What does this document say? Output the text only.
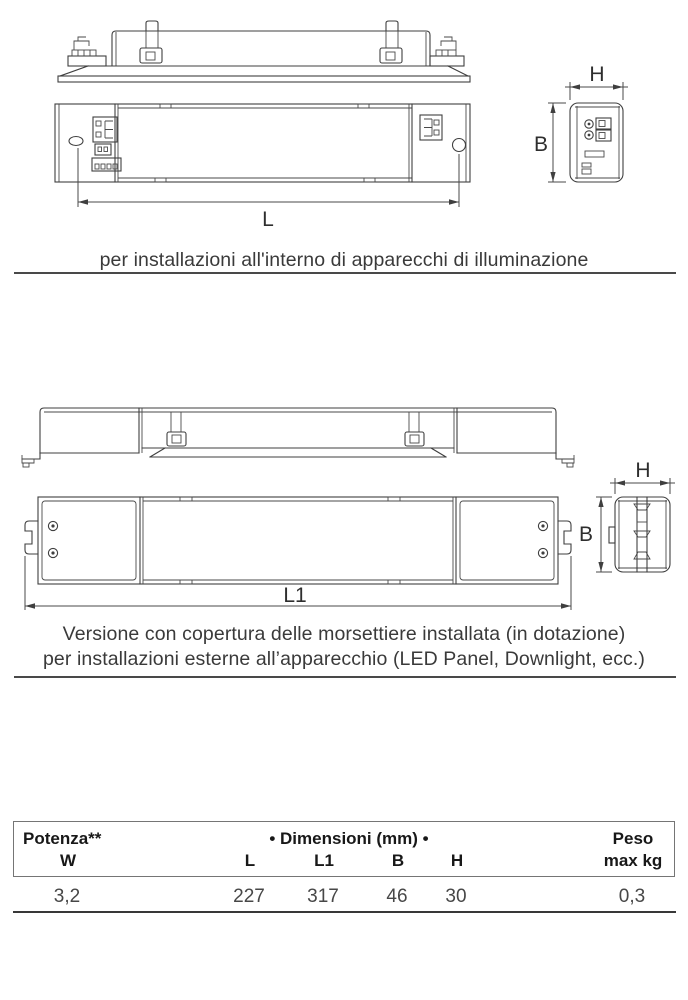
L
H
B
per installazioni all'interno di apparecchi di illuminazione
L1
H
B
Versione con copertura delle morsettiere installata (in dotazione)
per installazioni esterne all’apparecchio (LED Panel, Downlight, ecc.)
Potenza**	• Dimensioni (mm) •	Peso
W	L	L1	B	H	max kg
3,2	227	317	46	30	0,3
